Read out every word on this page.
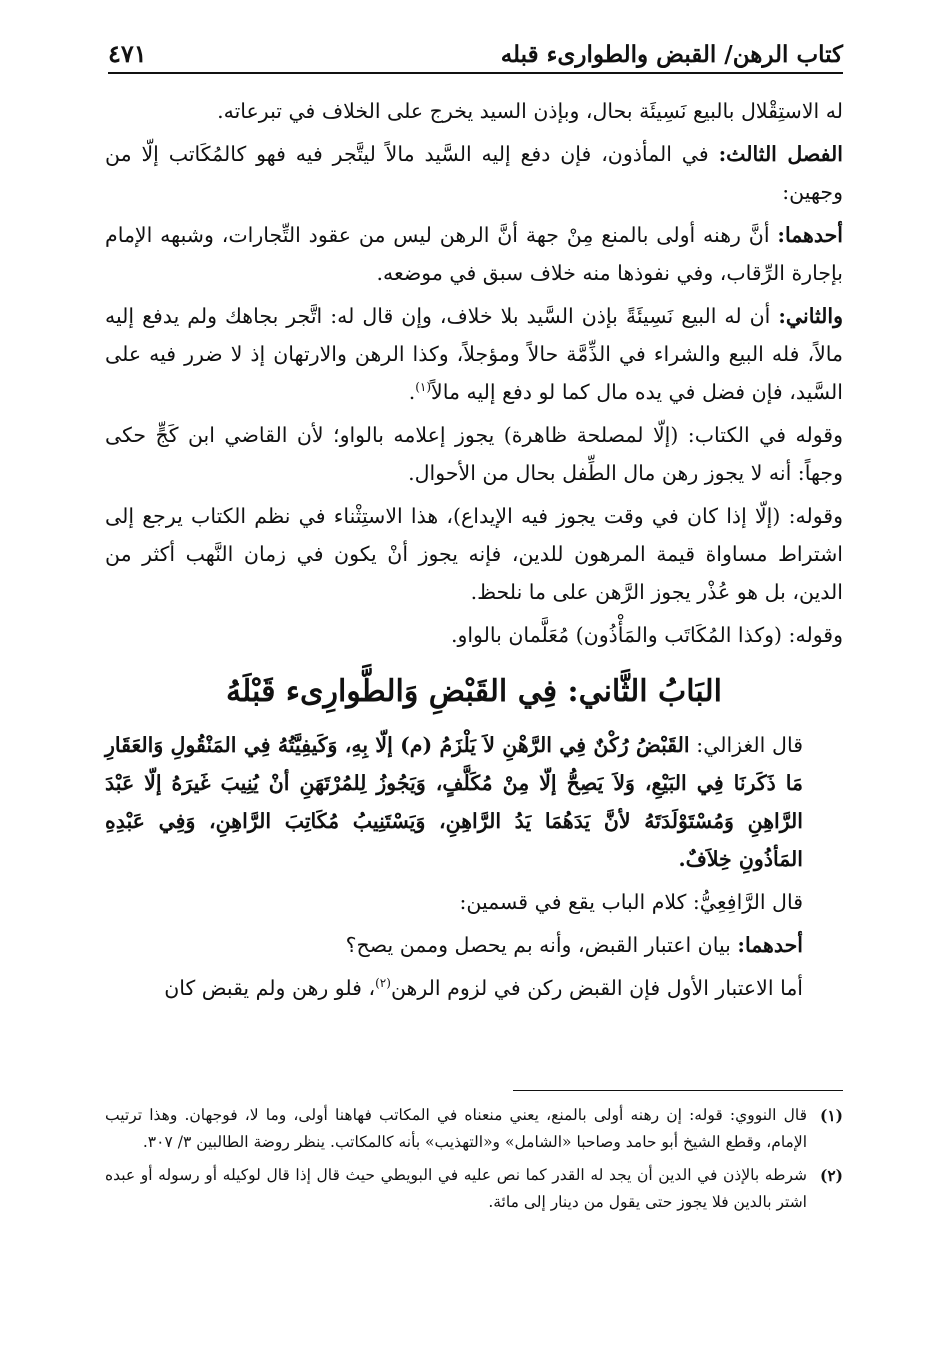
كتاب الرهن/ القبض والطوارىء قبله
٤٧١

له الاستِقْلال بالبيع نَسِيئَة بحال، وبإذن السيد يخرج على الخلاف في تبرعاته.

الفصل الثالث: في المأذون، فإن دفع إليه السَّيد مالاً ليتَّجر فيه فهو كالمُكَاتب إلّا من وجهين:

أحدهما: أنَّ رهنه أولى بالمنع مِنْ جهة أنَّ الرهن ليس من عقود التِّجارات، وشبهه الإمام بإجارة الرِّقاب، وفي نفوذها منه خلاف سبق في موضعه.

والثاني: أن له البيع نَسِيئَةً بإذن السَّيد بلا خلاف، وإن قال له: اتَّجر بجاهك ولم يدفع إليه مالاً، فله البيع والشراء في الذِّمَّة حالاً ومؤجلاً، وكذا الرهن والارتهان إذ لا ضرر فيه على السَّيد، فإن فضل في يده مال كما لو دفع إليه مالاً$^{(١)}$.

وقوله في الكتاب: (إلّا لمصلحة ظاهرة) يجوز إعلامه بالواو؛ لأن القاضي ابن كَجٍّ حكى وجهاً: أنه لا يجوز رهن مال الطِّفل بحال من الأحوال.

وقوله: (إلّا إذا كان في وقت يجوز فيه الإيداع)، هذا الاستِثْناء في نظم الكتاب يرجع إلى اشتراط مساواة قيمة المرهون للدين، فإنه يجوز أنْ يكون في زمان النَّهب أكثر من الدين، بل هو عُذْر يجوز الرَّهن على ما نلحظ.

وقوله: (وكذا المُكَاتَب والمَأْذُون) مُعَلَّمان بالواو.

البَابُ الثَّاني: فِي القَبْضِ وَالطَّوارِىء قَبْلَهُ

قال الغزالي: القَبْضُ رُكْنٌ فِي الرَّهْنِ لاَ يَلْزَمُ (م) إلّا بِهِ، وَكَيفِيَّتُهُ فِي المَنْقُولِ وَالعَقَارِ مَا ذَكَرنَا فِي البَيْعِ، وَلاَ يَصِحُّ إلّا مِنْ مُكَلَّفٍ، وَيَجُوزُ لِلمُرْتَهَنِ أنْ يُنِيبَ غَيرَهُ إلّا عَبْدَ الرَّاهِنِ وَمُسْتَوْلَدَتَهُ لأنَّ يَدَهُمَا يَدُ الرَّاهِنِ، وَيَسْتَنِيبُ مُكَاتِبَ الرَّاهِنِ، وَفِي عَبْدِهِ المَأذُونِ خِلاَفٌ.

قال الرَّافِعِيُّ: كلام الباب يقع في قسمين:

أحدهما: بيان اعتبار القبض، وأنه بم يحصل وممن يصح؟

أما الاعتبار الأول فإن القبض ركن في لزوم الرهن$^{(٢)}$، فلو رهن ولم يقبض كان

(١)
قال النووي: قوله: إن رهنه أولى بالمنع، يعني منعناه في المكاتب فهاهنا أولى، وما لا، فوجهان. وهذا ترتيب الإمام، وقطع الشيخ أبو حامد وصاحبا «الشامل» و«التهذيب» بأنه كالمكاتب. ينظر روضة الطالبين ٣/ ٣٠٧.
(٢)
شرطه بالإذن في الدين أن يجد له القدر كما نص عليه في البويطي حيث قال إذا قال لوكيله أو رسوله أو عبده اشتر بالدين فلا يجوز حتى يقول من دينار إلى مائة.
